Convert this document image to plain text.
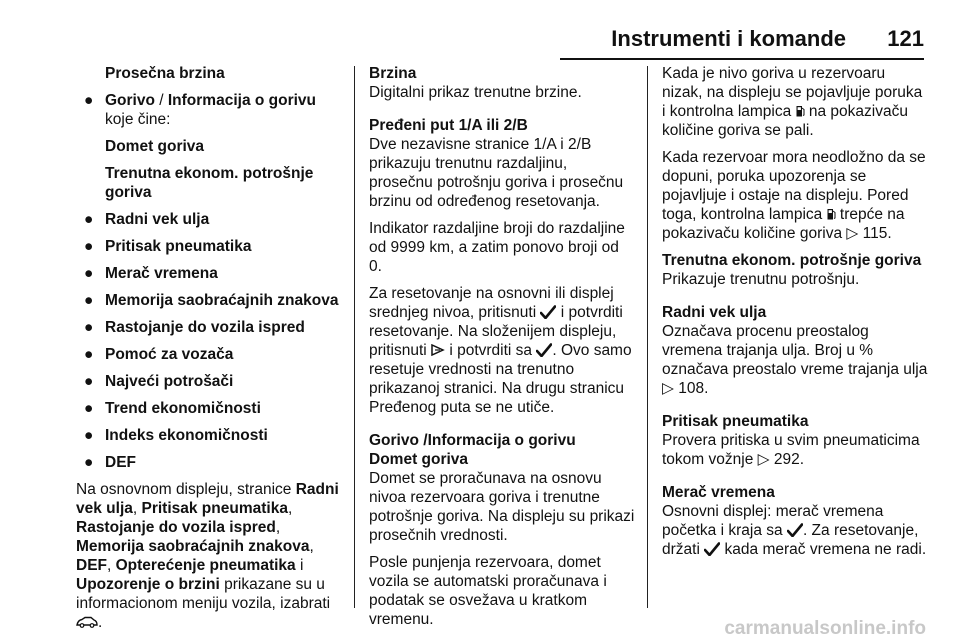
Instrumenti i komande 121

Prosečna brzina

● Gorivo / Informacija o gorivu koje čine:

Domet goriva

Trenutna ekonom. potrošnje goriva

● Radni vek ulja
● Pritisak pneumatika
● Merač vremena
● Memorija saobraćajnih znakova
● Rastojanje do vozila ispred
● Pomoć za vozača
● Najveći potrošači
● Trend ekonomičnosti
● Indeks ekonomičnosti
● DEF

Na osnovnom displeju, stranice Radni vek ulja, Pritisak pneumatika, Rastojanje do vozila ispred, Memorija saobraćajnih znakova, DEF, Opterećenje pneumatika i Upozorenje o brzini prikazane su u informacionom meniju vozila, izabrati .

Brzina

Digitalni prikaz trenutne brzine.

Pređeni put 1/A ili 2/B

Dve nezavisne stranice 1/A i 2/B prikazuju trenutnu razdaljinu, prosečnu potrošnju goriva i prosečnu brzinu od određenog resetovanja.

Indikator razdaljine broji do razdaljine od 9999 km, a zatim ponovo broji od 0.

Za resetovanje na osnovni ili displej srednjeg nivoa, pritisnuti  i potvrditi resetovanje. Na složenijem displeju, pritisnuti  i potvrditi sa . Ovo samo resetuje vrednosti na trenutno prikazanoj stranici. Na drugu stranicu Pređenog puta se ne utiče.

Gorivo /Informacija o gorivu

Domet goriva

Domet se proračunava na osnovu nivoa rezervoara goriva i trenutne potrošnje goriva. Na displeju su prikazi prosečnih vrednosti.

Posle punjenja rezervoara, domet vozila se automatski proračunava i podatak se osvežava u kratkom vremenu.

Kada je nivo goriva u rezervoaru nizak, na displeju se pojavljuje poruka i kontrolna lampica  na pokazivaču količine goriva se pali.

Kada rezervoar mora neodložno da se dopuni, poruka upozorenja se pojavljuje i ostaje na displeju. Pored toga, kontrolna lampica  trepće na pokazivaču količine goriva ▷ 115.

Trenutna ekonom. potrošnje goriva

Prikazuje trenutnu potrošnju.

Radni vek ulja

Označava procenu preostalog vremena trajanja ulja. Broj u % označava preostalo vreme trajanja ulja ▷ 108.

Pritisak pneumatika

Provera pritiska u svim pneumaticima tokom vožnje ▷ 292.

Merač vremena

Osnovni displej: merač vremena početka i kraja sa . Za resetovanje, držati  kada merač vremena ne radi.

carmanualsonline.info
